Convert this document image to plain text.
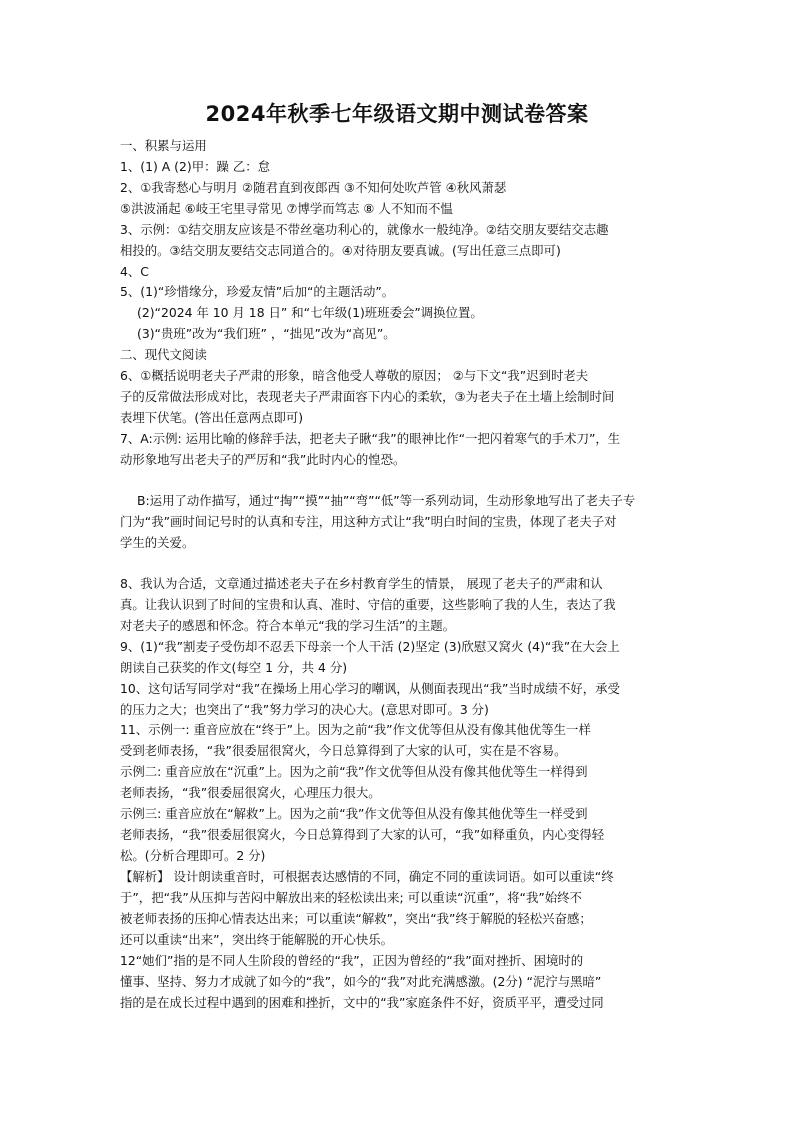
2024年秋季七年级语文期中测试卷答案
一、积累与运用
1、(1) A (2)甲：躁 乙：怠
2、①我寄愁心与明月 ②随君直到夜郎西 ③不知何处吹芦管 ④秋风萧瑟
⑤洪波涌起 ⑥岐王宅里寻常见 ⑦博学而笃志 ⑧ 人不知而不愠
3、示例：①结交朋友应该是不带丝毫功利心的，就像水一般纯净。②结交朋友要结交志趣
相投的。③结交朋友要结交志同道合的。④对待朋友要真诚。(写出任意三点即可)
4、C
5、(1)“珍惜缘分，珍爱友情”后加“的主题活动”。
(2)“2024 年 10 月 18 日” 和“七年级(1)班班委会”调换位置。
(3)“贵班”改为“我们班” ，“拙见”改为“高见”。
二、现代文阅读
6、①概括说明老夫子严肃的形象，暗含他受人尊敬的原因； ②与下文“我”迟到时老夫
子的反常做法形成对比，表现老夫子严肃面容下内心的柔软，③为老夫子在土墙上绘制时间
表埋下伏笔。(答出任意两点即可)
7、A:示例: 运用比喻的修辞手法，把老夫子瞅“我”的眼神比作“一把闪着寒气的手术刀”，生
动形象地写出老夫子的严厉和“我”此时内心的惶恐。
B:运用了动作描写，通过“掏”“摸”“抽”“弯”“低”等一系列动词，生动形象地写出了老夫子专
门为“我”画时间记号时的认真和专注，用这种方式让“我”明白时间的宝贵，体现了老夫子对
学生的关爱。
8、我认为合适，文章通过描述老夫子在乡村教育学生的情景， 展现了老夫子的严肃和认
真。让我认识到了时间的宝贵和认真、准时、守信的重要，这些影响了我的人生，表达了我
对老夫子的感恩和怀念。符合本单元“我的学习生活”的主题。
9、(1)“我”割麦子受伤却不忍丢下母亲一个人干活 (2)坚定 (3)欣慰又窝火 (4)“我”在大会上
朗读自己获奖的作文(每空 1 分，共 4 分)
10、这句话写同学对“我”在操场上用心学习的嘲讽，从侧面表现出“我”当时成绩不好，承受
的压力之大；也突出了“我”努力学习的决心大。(意思对即可。3 分)
11、示例一: 重音应放在“终于”上。因为之前“我”作文优等但从没有像其他优等生一样
受到老师表扬，“我”很委屈很窝火，今日总算得到了大家的认可，实在是不容易。
示例二: 重音应放在“沉重”上。因为之前“我”作文优等但从没有像其他优等生一样得到
老师表扬，“我”很委屈很窝火，心理压力很大。
示例三: 重音应放在“解救”上。因为之前“我”作文优等但从没有像其他优等生一样受到
老师表扬，“我”很委屈很窝火，今日总算得到了大家的认可，“我”如释重负，内心变得轻
松。(分析合理即可。2 分)
【解析】 设计朗读重音时，可根据表达感情的不同，确定不同的重读词语。如可以重读“终
于”，把“我”从压抑与苦闷中解放出来的轻松读出来; 可以重读“沉重”，将“我”始终不
被老师表扬的压抑心情表达出来；可以重读“解救”，突出“我”终于解脱的轻松兴奋感；
还可以重读“出来”，突出终于能解脱的开心快乐。
12“她们”指的是不同人生阶段的曾经的“我”，正因为曾经的“我”面对挫折、困境时的
懂事、坚持、努力才成就了如今的“我”，如今的“我”对此充满感激。(2分) “泥泞与黑暗”
指的是在成长过程中遇到的困难和挫折，文中的“我”家庭条件不好，资质平平，遭受过同
